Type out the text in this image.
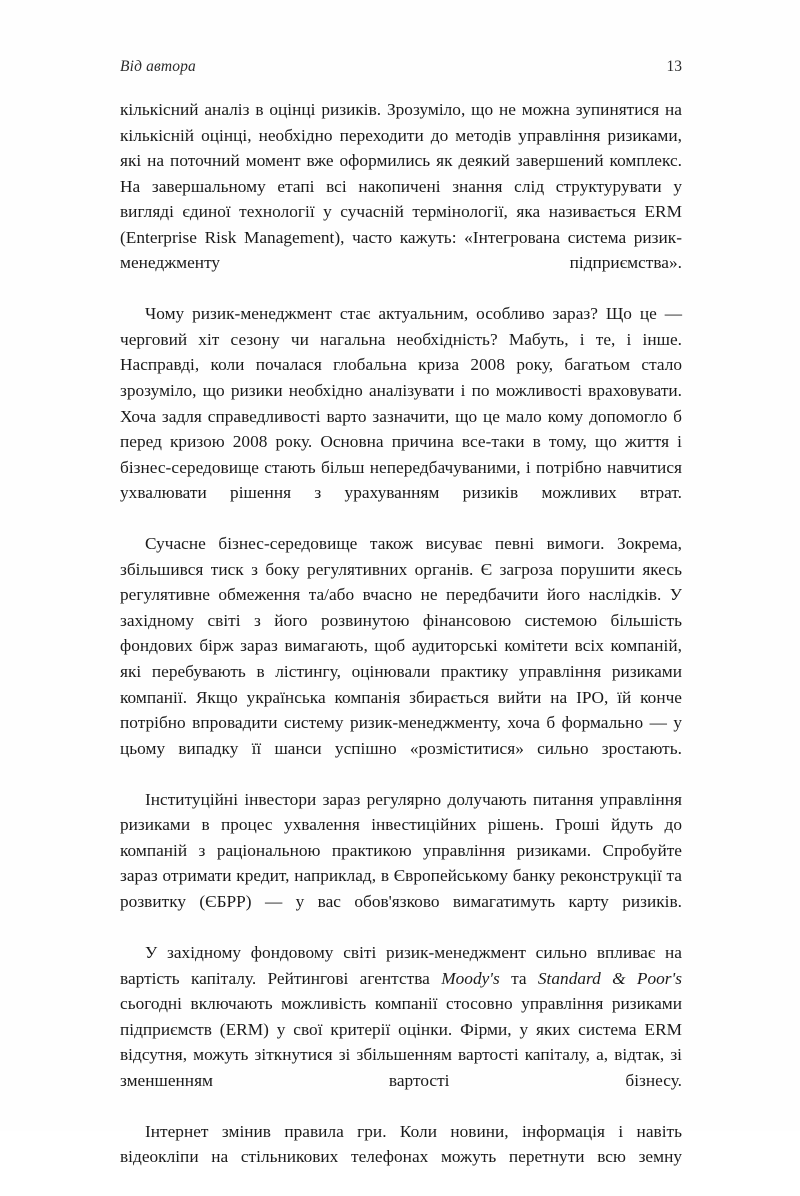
Від автора	13

кількісний аналіз в оцінці ризиків. Зрозуміло, що не можна зупинятися на кількісній оцінці, необхідно переходити до методів управління ризиками, які на поточний момент вже оформились як деякий завершений комплекс. На завершальному етапі всі накопичені знання слід структурувати у вигляді єдиної технології у сучасній термінології, яка називається ERM (Enterprise Risk Management), часто кажуть: «Інтегрована система ризик-менеджменту підприємства».

Чому ризик-менеджмент стає актуальним, особливо зараз? Що це — черговий хіт сезону чи нагальна необхідність? Мабуть, і те, і інше. Насправді, коли почалася глобальна криза 2008 року, багатьом стало зрозуміло, що ризики необхідно аналізувати і по можливості враховувати. Хоча задля справедливості варто зазначити, що це мало кому допомогло б перед кризою 2008 року. Основна причина все-таки в тому, що життя і бізнес-середовище стають більш непередбачуваними, і потрібно навчитися ухвалювати рішення з урахуванням ризиків можливих втрат.

Сучасне бізнес-середовище також висуває певні вимоги. Зокрема, збільшився тиск з боку регулятивних органів. Є загроза порушити якесь регулятивне обмеження та/або вчасно не передбачити його наслідків. У західному світі з його розвинутою фінансовою системою більшість фондових бірж зараз вимагають, щоб аудиторські комітети всіх компаній, які перебувають в лістингу, оцінювали практику управління ризиками компанії. Якщо українська компанія збирається вийти на IPO, їй конче потрібно впровадити систему ризик-менеджменту, хоча б формально — у цьому випадку її шанси успішно «розміститися» сильно зростають.

Інституційні інвестори зараз регулярно долучають питання управління ризиками в процес ухвалення інвестиційних рішень. Гроші йдуть до компаній з раціональною практикою управління ризиками. Спробуйте зараз отримати кредит, наприклад, в Європейському банку реконструкції та розвитку (ЄБРР) — у вас обов'язково вимагатимуть карту ризиків.

У західному фондовому світі ризик-менеджмент сильно впливає на вартість капіталу. Рейтингові агентства Moody's та Standard & Poor's сьогодні включають можливість компанії стосовно управління ризиками підприємств (ERM) у свої критерії оцінки. Фірми, у яких система ERM відсутня, можуть зіткнутися зі збільшенням вартості капіталу, а, відтак, зі зменшенням вартості бізнесу.

Інтернет змінив правила гри. Коли новини, інформація і навіть відеокліпи на стільникових телефонах можуть перетнути всю земну
